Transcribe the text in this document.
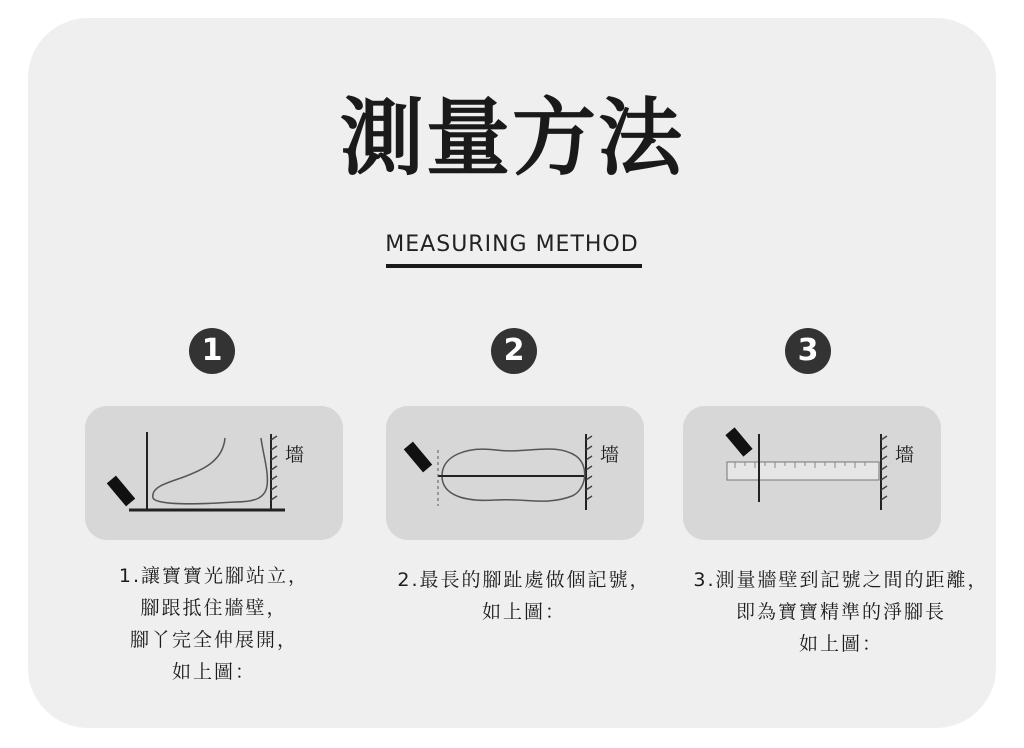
測量方法
MEASURING METHOD
1
墻
2
墻
3
墻
1.讓寶寶光腳站立，
腳跟抵住牆壁，
腳丫完全伸展開，
如上圖：
2.最長的腳趾處做個記號，
如上圖：
3.測量牆壁到記號之間的距離，
即為寶寶精準的淨腳長
如上圖：
